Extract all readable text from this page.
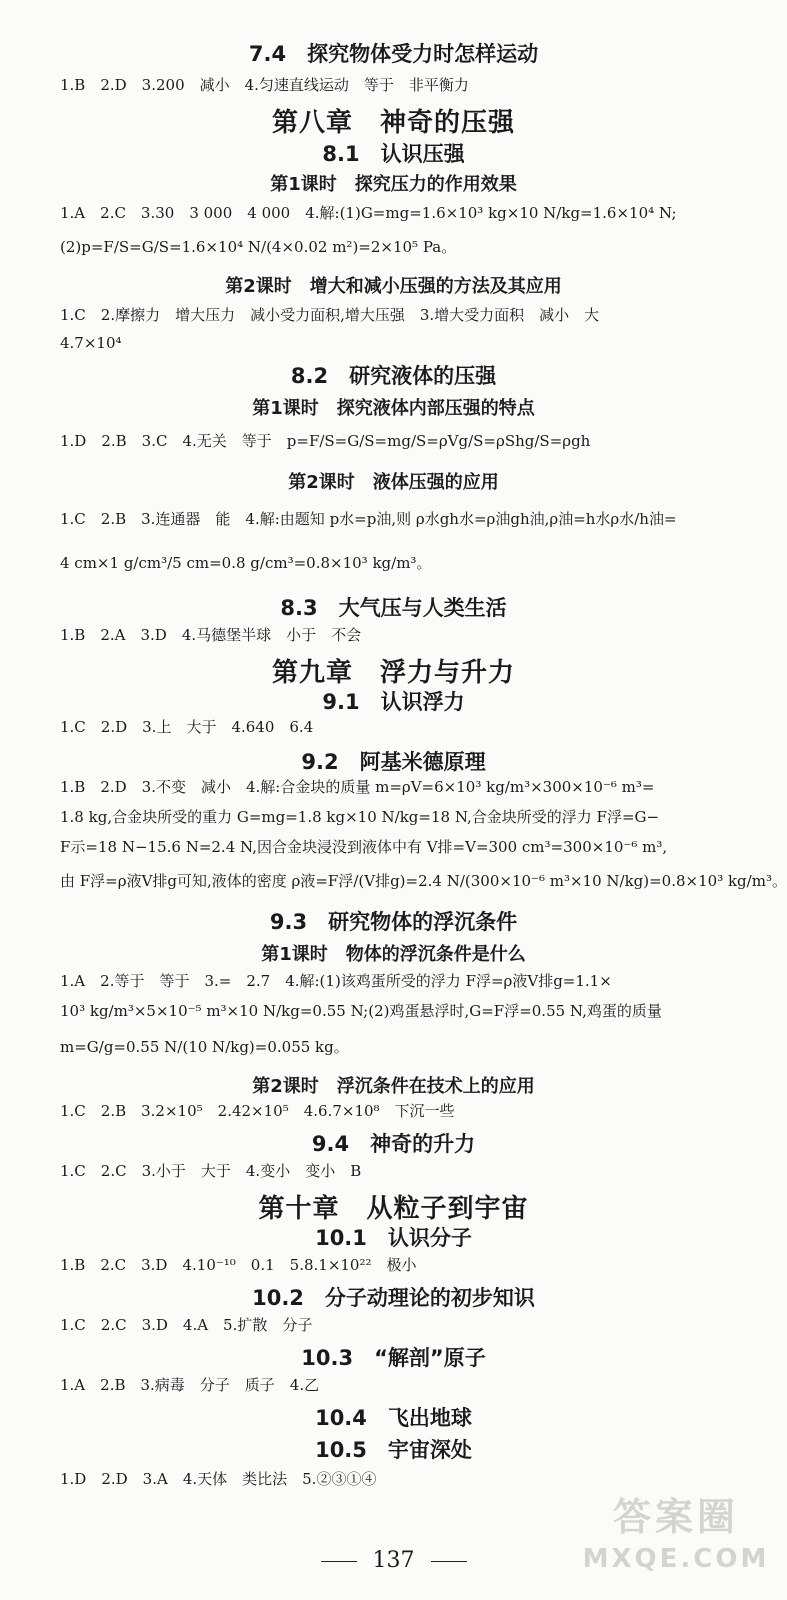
7.4　探究物体受力时怎样运动
1.B　2.D　3.200　减小　4.匀速直线运动　等于　非平衡力
第八章　神奇的压强
8.1　认识压强
第1课时　探究压力的作用效果
1.A　2.C　3.30　3 000　4 000　4.解:(1)G=mg=1.6×10³ kg×10 N/kg=1.6×10⁴ N;
(2)p=F/S=G/S=1.6×10⁴ N/(4×0.02 m²)=2×10⁵ Pa。
第2课时　增大和减小压强的方法及其应用
1.C　2.摩擦力　增大压力　减小受力面积,增大压强　3.增大受力面积　减小　大
4.7×10⁴
8.2　研究液体的压强
第1课时　探究液体内部压强的特点
1.D　2.B　3.C　4.无关　等于　p=F/S=G/S=mg/S=ρVg/S=ρShg/S=ρgh
第2课时　液体压强的应用
1.C　2.B　3.连通器　能　4.解:由题知 p水=p油,则 ρ水gh水=ρ油gh油,ρ油=h水ρ水/h油=
4 cm×1 g/cm³/5 cm=0.8 g/cm³=0.8×10³ kg/m³。
8.3　大气压与人类生活
1.B　2.A　3.D　4.马德堡半球　小于　不会
第九章　浮力与升力
9.1　认识浮力
1.C　2.D　3.上　大于　4.640　6.4
9.2　阿基米德原理
1.B　2.D　3.不变　减小　4.解:合金块的质量 m=ρV=6×10³ kg/m³×300×10⁻⁶ m³=
1.8 kg,合金块所受的重力 G=mg=1.8 kg×10 N/kg=18 N,合金块所受的浮力 F浮=G−
F示=18 N−15.6 N=2.4 N,因合金块浸没到液体中有 V排=V=300 cm³=300×10⁻⁶ m³,
由 F浮=ρ液V排g可知,液体的密度 ρ液=F浮/(V排g)=2.4 N/(300×10⁻⁶ m³×10 N/kg)=0.8×10³ kg/m³。
9.3　研究物体的浮沉条件
第1课时　物体的浮沉条件是什么
1.A　2.等于　等于　3.=　2.7　4.解:(1)该鸡蛋所受的浮力 F浮=ρ液V排g=1.1×
10³ kg/m³×5×10⁻⁵ m³×10 N/kg=0.55 N;(2)鸡蛋悬浮时,G=F浮=0.55 N,鸡蛋的质量
m=G/g=0.55 N/(10 N/kg)=0.055 kg。
第2课时　浮沉条件在技术上的应用
1.C　2.B　3.2×10⁵　2.42×10⁵　4.6.7×10⁸　下沉一些
9.4　神奇的升力
1.C　2.C　3.小于　大于　4.变小　变小　B
第十章　从粒子到宇宙
10.1　认识分子
1.B　2.C　3.D　4.10⁻¹⁰　0.1　5.8.1×10²²　极小
10.2　分子动理论的初步知识
1.C　2.C　3.D　4.A　5.扩散　分子
10.3　“解剖”原子
1.A　2.B　3.病毒　分子　质子　4.乙
10.4　飞出地球
10.5　宇宙深处
1.D　2.D　3.A　4.天体　类比法　5.②③①④
137
答案圈
MXQE.COM
